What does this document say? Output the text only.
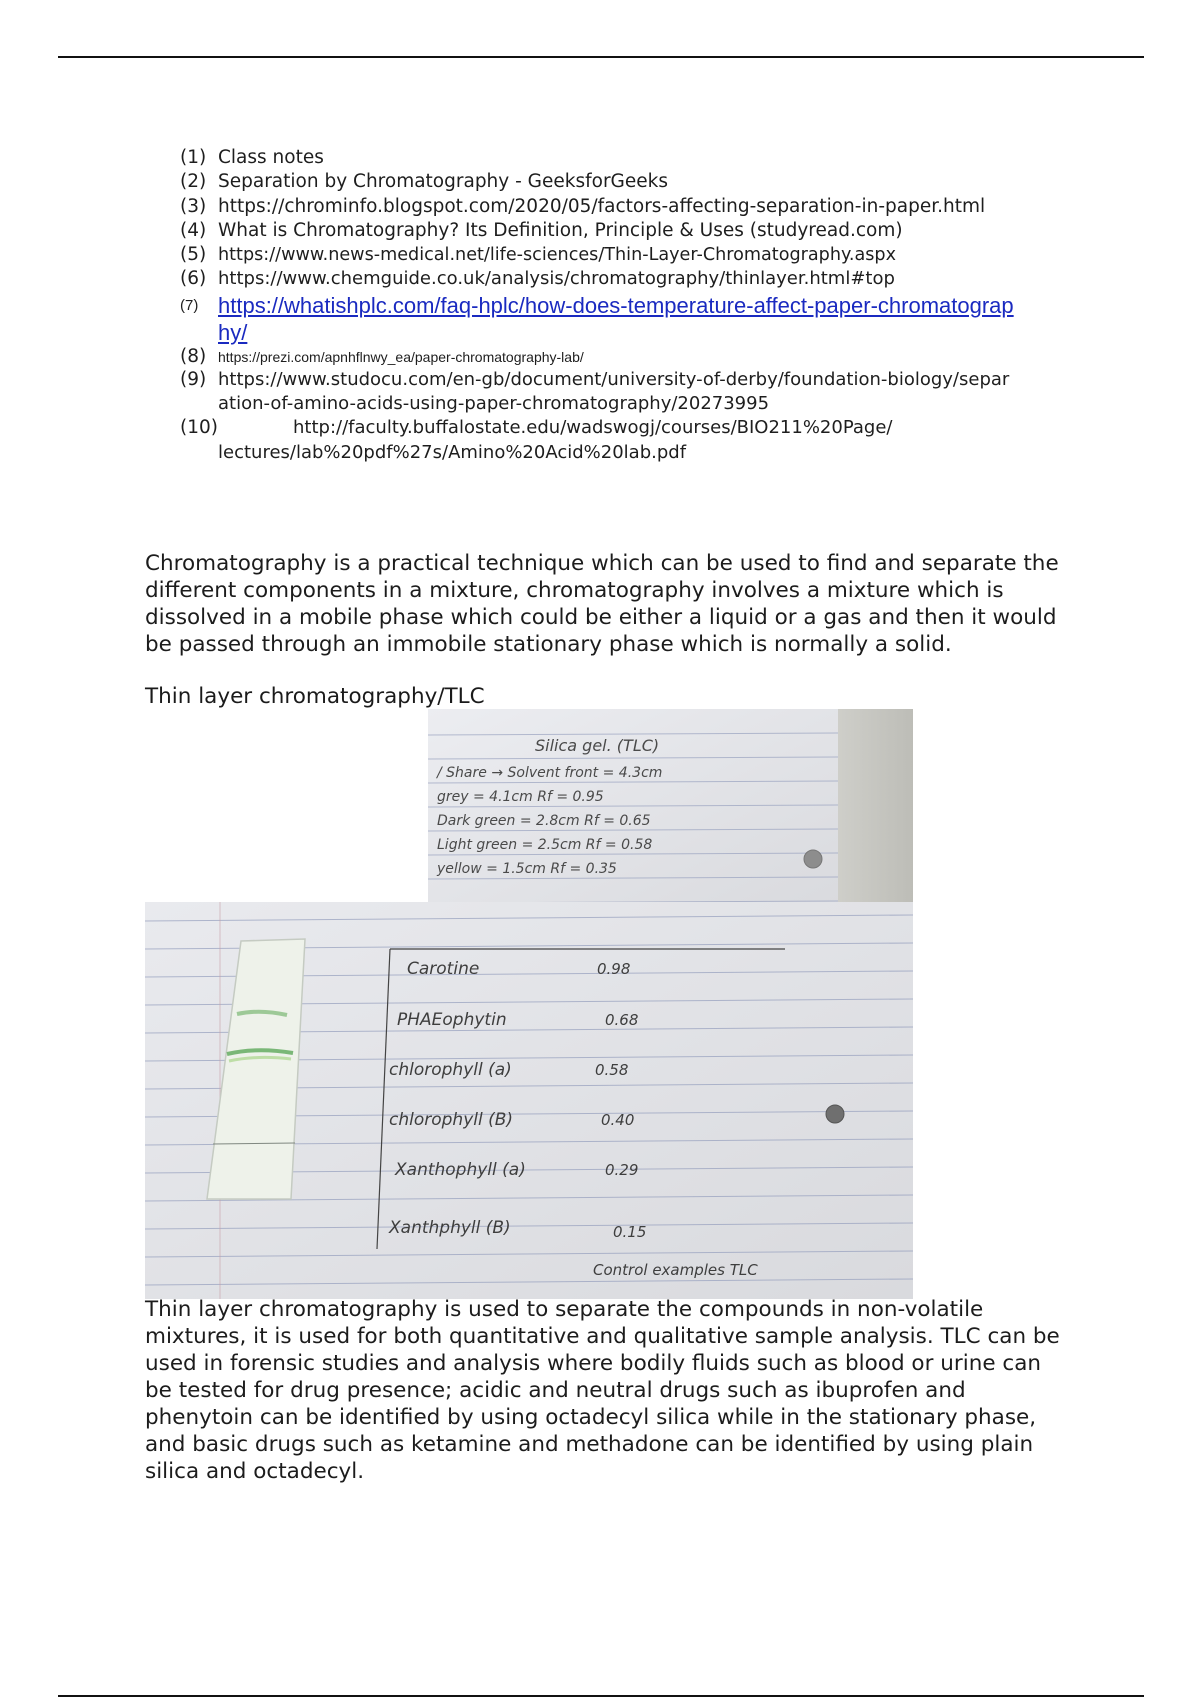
(1) Class notes
(2) Separation by Chromatography - GeeksforGeeks
(3) https://chrominfo.blogspot.com/2020/05/factors-affecting-separation-in-paper.html
(4) What is Chromatography? Its Definition, Principle & Uses (studyread.com)
(5) https://www.news-medical.net/life-sciences/Thin-Layer-Chromatography.aspx
(6) https://www.chemguide.co.uk/analysis/chromatography/thinlayer.html#top
(7) https://whatishplc.com/faq-hplc/how-does-temperature-affect-paper-chromatography/
(8) https://prezi.com/apnhflnwy_ea/paper-chromatography-lab/
(9) https://www.studocu.com/en-gb/document/university-of-derby/foundation-biology/separation-of-amino-acids-using-paper-chromatography/20273995
(10)	http://faculty.buffalostate.edu/wadswogj/courses/BIO211%20Page/
lectures/lab%20pdf%27s/Amino%20Acid%20lab.pdf
Chromatography is a practical technique which can be used to find and separate the different components in a mixture, chromatography involves a mixture which is dissolved in a mobile phase which could be either a liquid or a gas and then it would be passed through an immobile stationary phase which is normally a solid.
Thin layer chromatography/TLC
Silica gel. (TLC)
/ Share → Solvent front = 4.3cm
grey = 4.1cm Rf = 0.95
Dark green = 2.8cm Rf = 0.65
Light green = 2.5cm Rf = 0.58
yellow = 1.5cm Rf = 0.35
Carotine	0.98
PHAEophytin	0.68
chlorophyll (a)	0.58
chlorophyll (B)	0.40
Xanthophyll (a)	0.29
Xanthphyll (B)	0.15
Control examples TLC
Thin layer chromatography is used to separate the compounds in non-volatile mixtures, it is used for both quantitative and qualitative sample analysis. TLC can be used in forensic studies and analysis where bodily fluids such as blood or urine can be tested for drug presence; acidic and neutral drugs such as ibuprofen and phenytoin can be identified by using octadecyl silica while in the stationary phase, and basic drugs such as ketamine and methadone can be identified by using plain silica and octadecyl.
